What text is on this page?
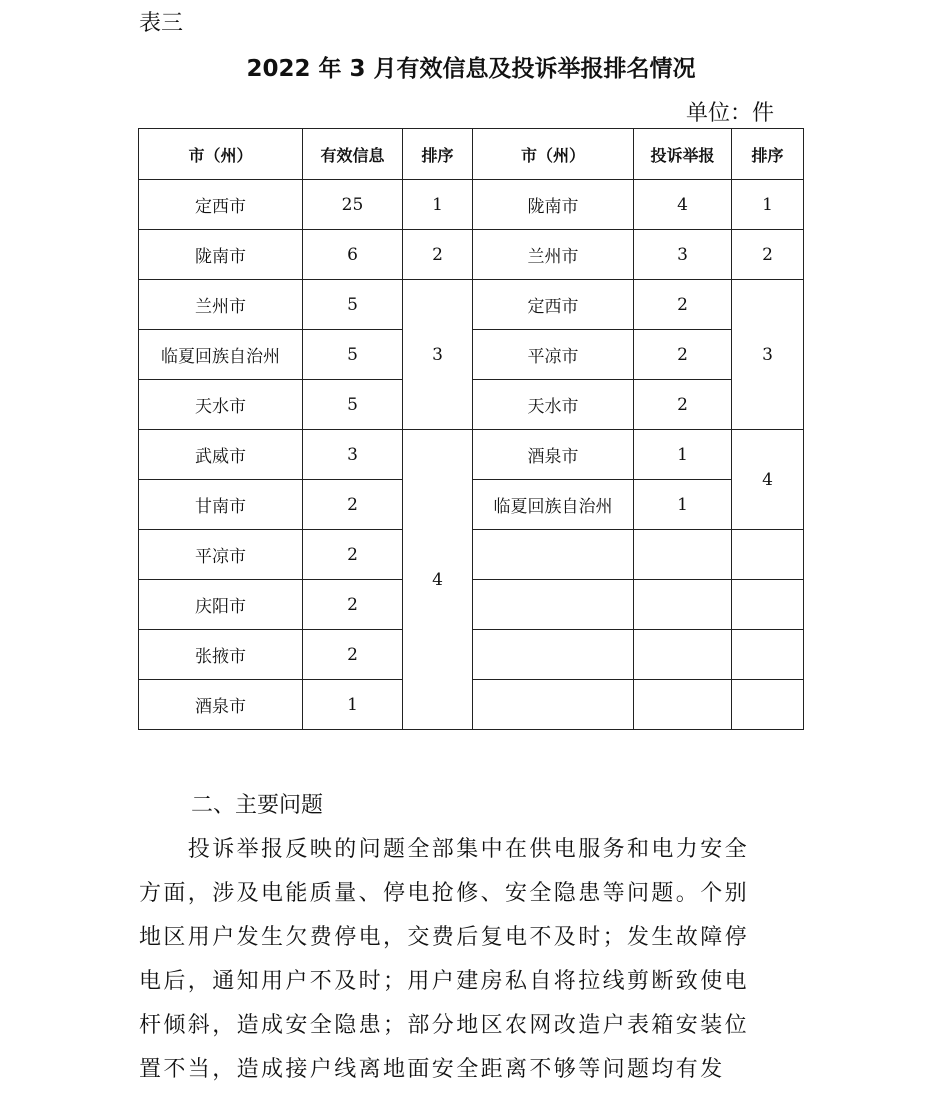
表三
2022 年 3 月有效信息及投诉举报排名情况
单位：件
市（州）	有效信息	排序	市（州）	投诉举报	排序
定西市	25	1	陇南市	4	1
陇南市	6	2	兰州市	3	2
兰州市	5	3	定西市	2	3
临夏回族自治州	5		平凉市	2	
天水市	5		天水市	2	
武威市	3	4	酒泉市	1	4
甘南市	2		临夏回族自治州	1	
平凉市	2				
庆阳市	2				
张掖市	2				
酒泉市	1				
二、主要问题
　　投诉举报反映的问题全部集中在供电服务和电力安全
方面，涉及电能质量、停电抢修、安全隐患等问题。个别
地区用户发生欠费停电，交费后复电不及时；发生故障停
电后，通知用户不及时；用户建房私自将拉线剪断致使电
杆倾斜，造成安全隐患；部分地区农网改造户表箱安装位
置不当，造成接户线离地面安全距离不够等问题均有发
